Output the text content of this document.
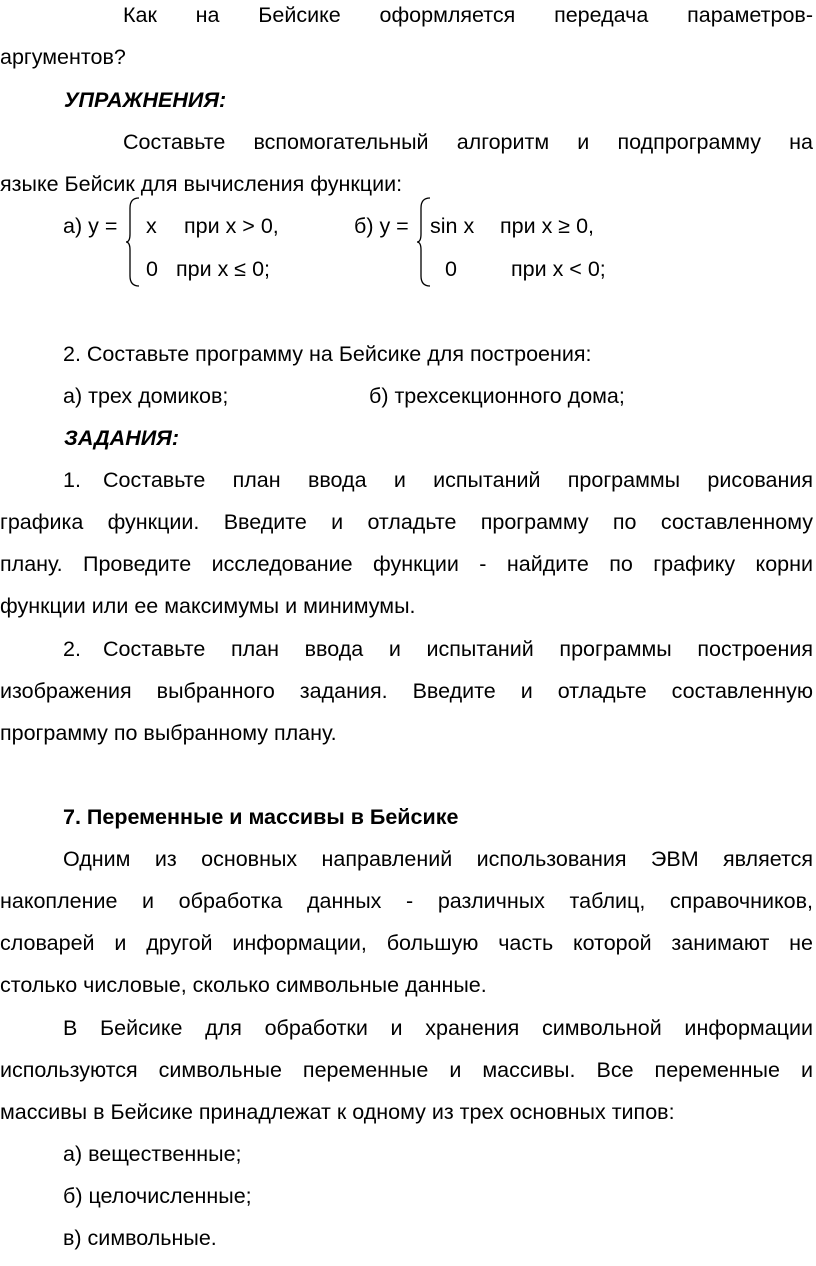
Как на Бейсике оформляется передача параметров-
аргументов?
УПРАЖНЕНИЯ:
Составьте вспомогательный алгоритм и подпрограмму на
языке Бейсик для вычисления функции:
а) y = x при x > 0,
0 при x ≤ 0;
б) y = sin x при x ≥ 0,
0	при x < 0;
2. Составьте программу на Бейсике для построения:
а) трех домиков;	б) трехсекционного дома;
ЗАДАНИЯ:
1.	Составьте план ввода и испытаний программы рисования
графика функции. Введите и отладьте программу по составленному
плану. Проведите исследование функции - найдите по графику корни
функции или ее максимумы и минимумы.
2.	Составьте план ввода и испытаний программы построения
изображения выбранного задания. Введите и отладьте составленную
программу по выбранному плану.
7. Переменные и массивы в Бейсике
Одним из основных направлений использования ЭВМ является
накопление и обработка данных - различных таблиц, справочников,
словарей и другой информации, большую часть которой занимают не
столько числовые, сколько символьные данные.
В Бейсике для обработки и хранения символьной информации
используются символьные переменные и массивы. Все переменные и
массивы в Бейсике принадлежат к одному из трех основных типов:
а) вещественные;
б) целочисленные;
в) символьные.
